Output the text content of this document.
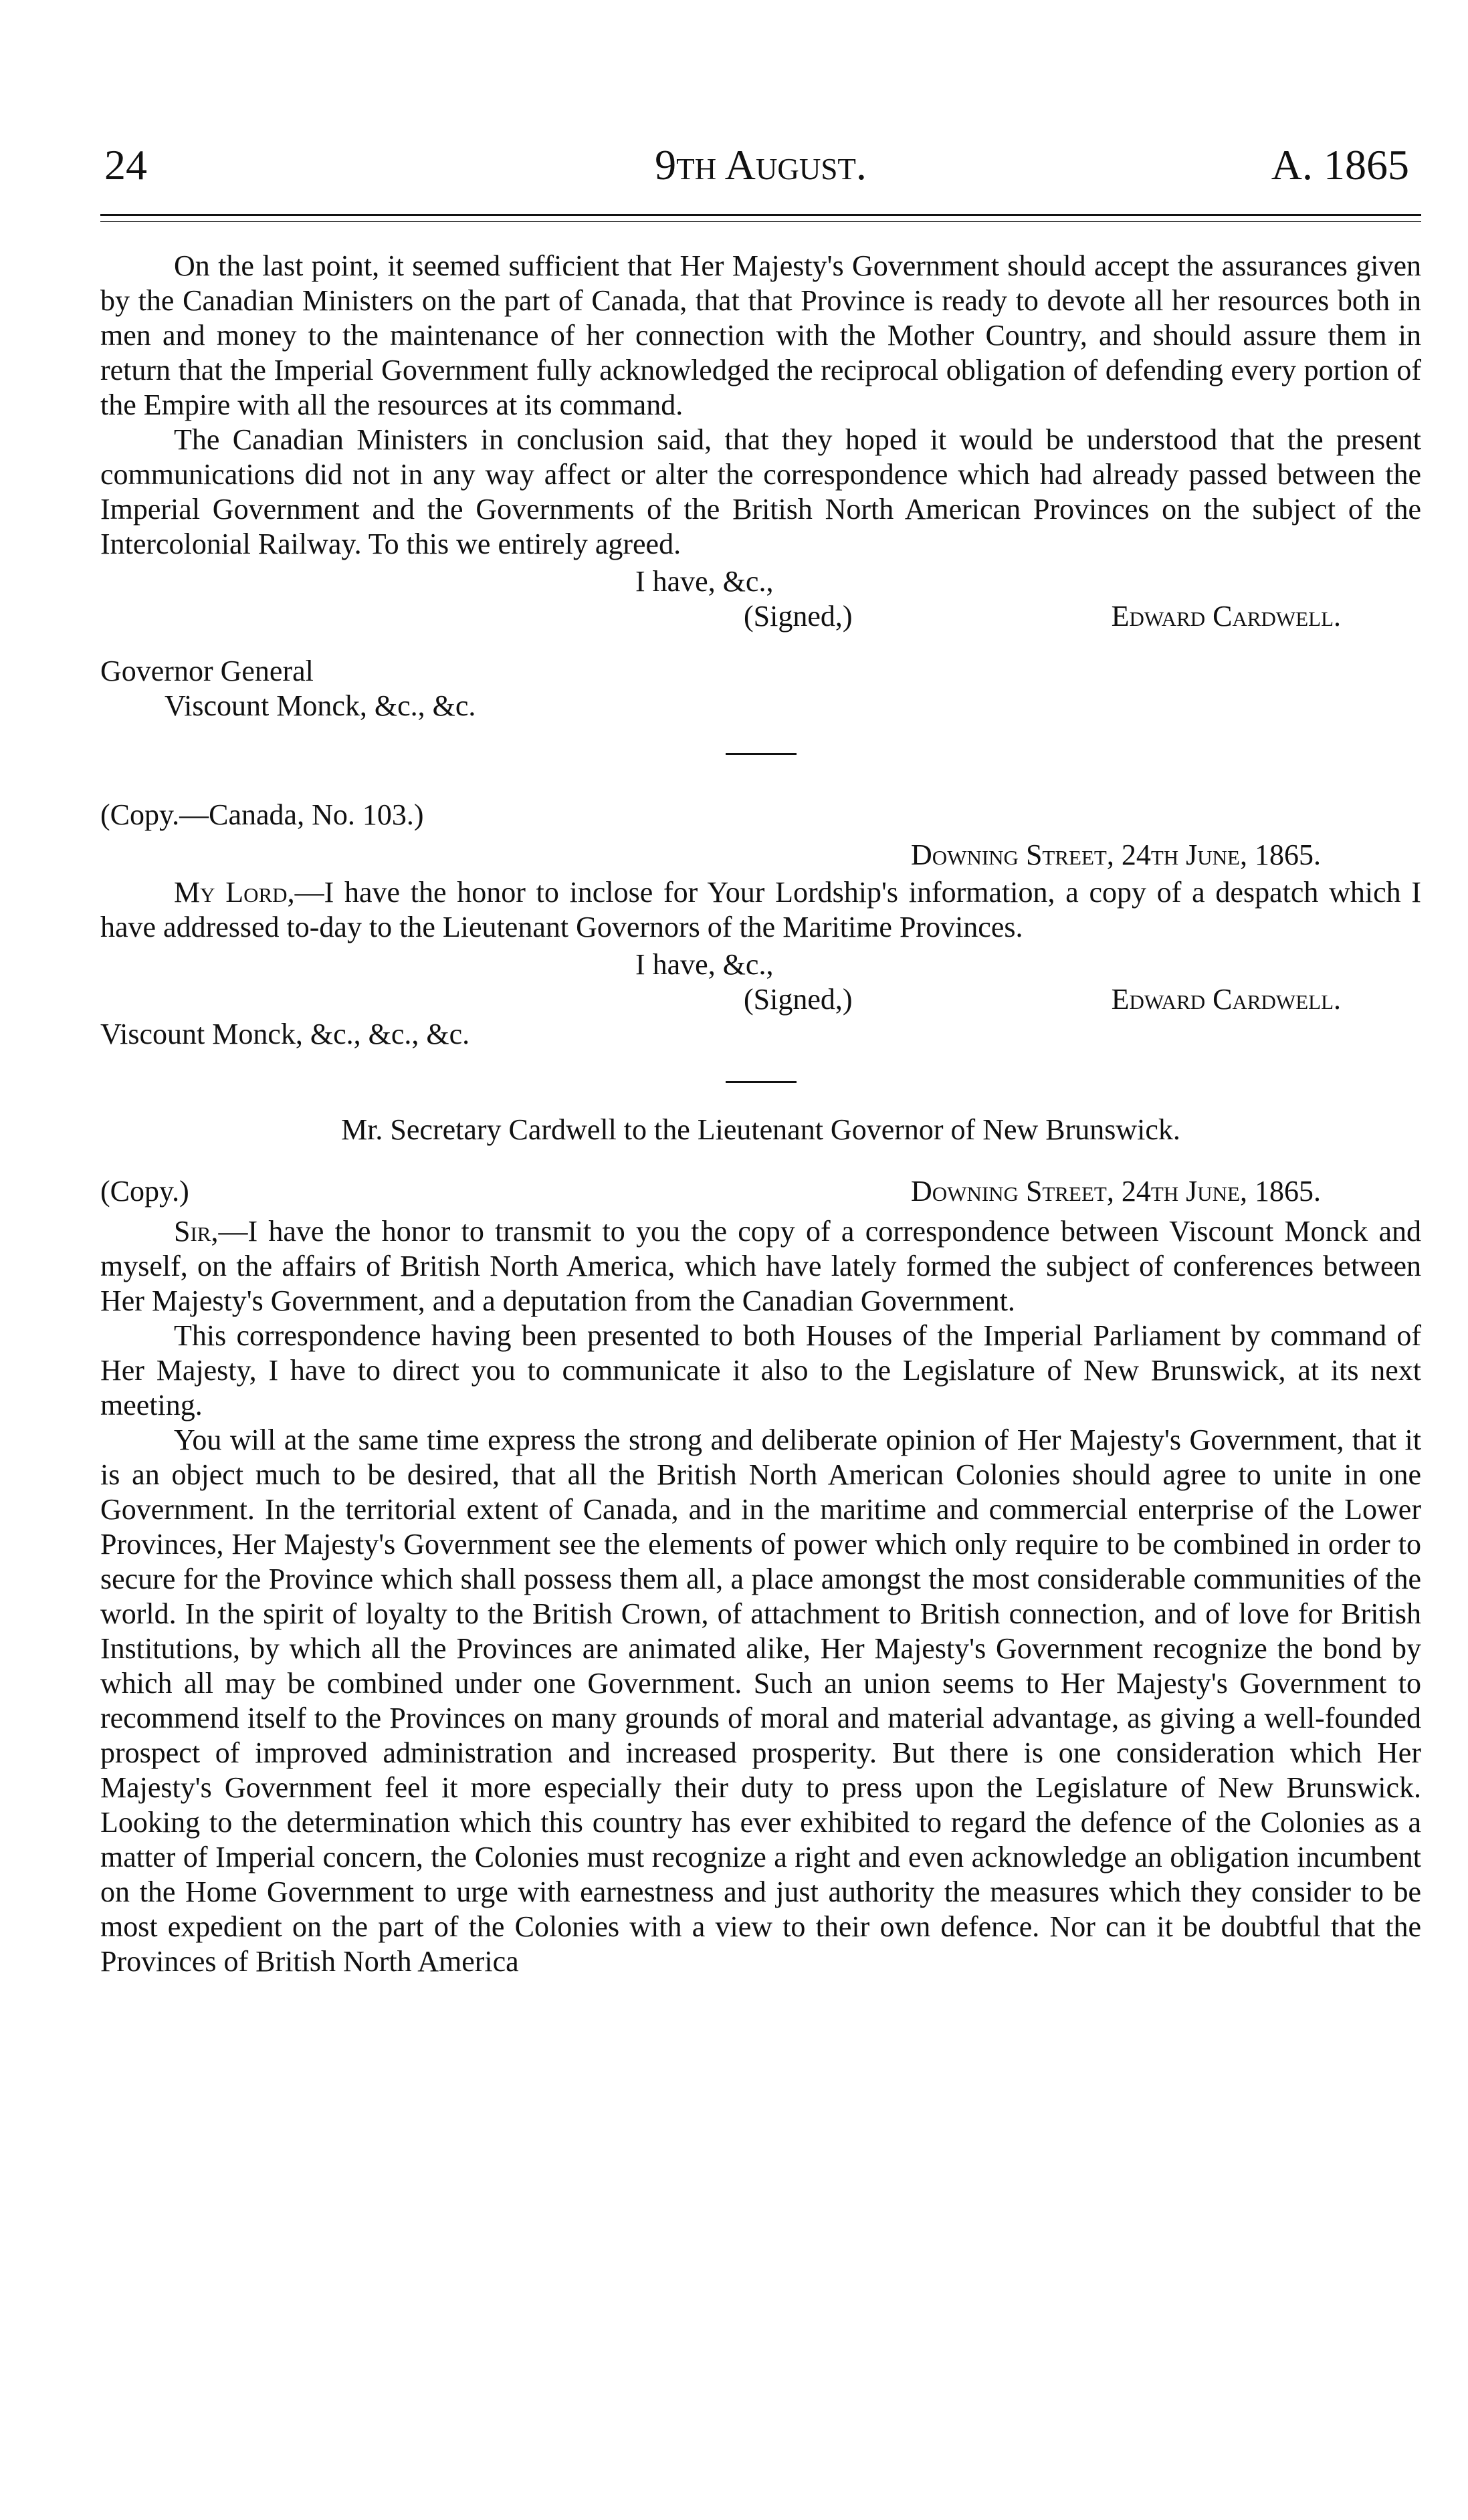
24	9th August.	A. 1865

On the last point, it seemed sufficient that Her Majesty's Government should accept the assurances given by the Canadian Ministers on the part of Canada, that that Province is ready to devote all her resources both in men and money to the maintenance of her connection with the Mother Country, and should assure them in return that the Imperial Government fully acknowledged the reciprocal obligation of defending every portion of the Empire with all the resources at its command.

The Canadian Ministers in conclusion said, that they hoped it would be understood that the present communications did not in any way affect or alter the correspondence which had already passed between the Imperial Government and the Governments of the British North American Provinces on the subject of the Intercolonial Railway. To this we entirely agreed.

I have, &c.,
(Signed,)	Edward Cardwell.
Governor General
Viscount Monck, &c., &c.
(Copy.—Canada, No. 103.)
Downing Street, 24th June, 1865.

My Lord,—I have the honor to inclose for Your Lordship's information, a copy of a despatch which I have addressed to-day to the Lieutenant Governors of the Maritime Provinces.

I have, &c.,
(Signed,)	Edward Cardwell.
Viscount Monck, &c., &c., &c.
Mr. Secretary Cardwell to the Lieutenant Governor of New Brunswick.
(Copy.)	Downing Street, 24th June, 1865.

Sir,—I have the honor to transmit to you the copy of a correspondence between Viscount Monck and myself, on the affairs of British North America, which have lately formed the subject of conferences between Her Majesty's Government, and a deputation from the Canadian Government.

This correspondence having been presented to both Houses of the Imperial Parliament by command of Her Majesty, I have to direct you to communicate it also to the Legislature of New Brunswick, at its next meeting.

You will at the same time express the strong and deliberate opinion of Her Majesty's Government, that it is an object much to be desired, that all the British North American Colonies should agree to unite in one Government. In the territorial extent of Canada, and in the maritime and commercial enterprise of the Lower Provinces, Her Majesty's Government see the elements of power which only require to be combined in order to secure for the Province which shall possess them all, a place amongst the most considerable communities of the world. In the spirit of loyalty to the British Crown, of attachment to British connection, and of love for British Institutions, by which all the Provinces are animated alike, Her Majesty's Government recognize the bond by which all may be combined under one Government. Such an union seems to Her Majesty's Government to recommend itself to the Provinces on many grounds of moral and material advantage, as giving a well-founded prospect of improved administration and increased prosperity. But there is one consideration which Her Majesty's Government feel it more especially their duty to press upon the Legislature of New Brunswick. Looking to the determination which this country has ever exhibited to regard the defence of the Colonies as a matter of Imperial concern, the Colonies must recognize a right and even acknowledge an obligation incumbent on the Home Government to urge with earnestness and just authority the measures which they consider to be most expedient on the part of the Colonies with a view to their own defence. Nor can it be doubtful that the Provinces of British North America
